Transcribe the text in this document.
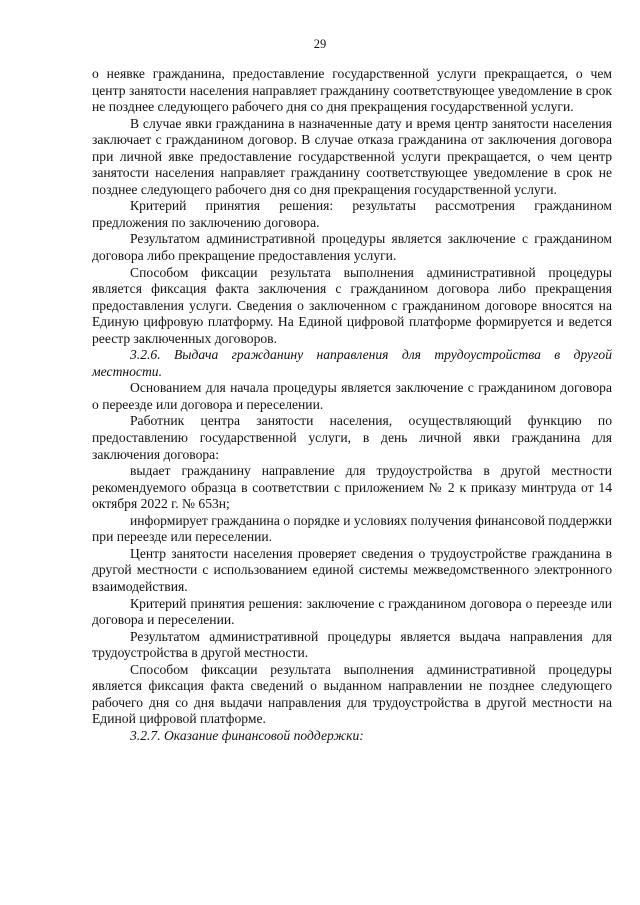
29

о неявке гражданина, предоставление государственной услуги прекращается, о чем центр занятости населения направляет гражданину соответствующее уведомление в срок не позднее следующего рабочего дня со дня прекращения государственной услуги.

В случае явки гражданина в назначенные дату и время центр занятости населения заключает с гражданином договор. В случае отказа гражданина от заключения договора при личной явке предоставление государственной услуги прекращается, о чем центр занятости населения направляет гражданину соответствующее уведомление в срок не позднее следующего рабочего дня со дня прекращения государственной услуги.

Критерий принятия решения: результаты рассмотрения гражданином предложения по заключению договора.

Результатом административной процедуры является заключение с гражданином договора либо прекращение предоставления услуги.

Способом фиксации результата выполнения административной процедуры является фиксация факта заключения с гражданином договора либо прекращения предоставления услуги. Сведения о заключенном с гражданином договоре вносятся на Единую цифровую платформу. На Единой цифровой платформе формируется и ведется реестр заключенных договоров.

3.2.6. Выдача гражданину направления для трудоустройства в другой местности.

Основанием для начала процедуры является заключение с гражданином договора о переезде или договора и переселении.

Работник центра занятости населения, осуществляющий функцию по предоставлению государственной услуги, в день личной явки гражданина для заключения договора:

выдает гражданину направление для трудоустройства в другой местности рекомендуемого образца в соответствии с приложением № 2 к приказу минтруда от 14 октября 2022 г. № 653н;

информирует гражданина о порядке и условиях получения финансовой поддержки при переезде или переселении.

Центр занятости населения проверяет сведения о трудоустройстве гражданина в другой местности с использованием единой системы межведомственного электронного взаимодействия.

Критерий принятия решения: заключение с гражданином договора о переезде или договора и переселении.

Результатом административной процедуры является выдача направления для трудоустройства в другой местности.

Способом фиксации результата выполнения административной процедуры является фиксация факта сведений о выданном направлении не позднее следующего рабочего дня со дня выдачи направления для трудоустройства в другой местности на Единой цифровой платформе.

3.2.7. Оказание финансовой поддержки:
